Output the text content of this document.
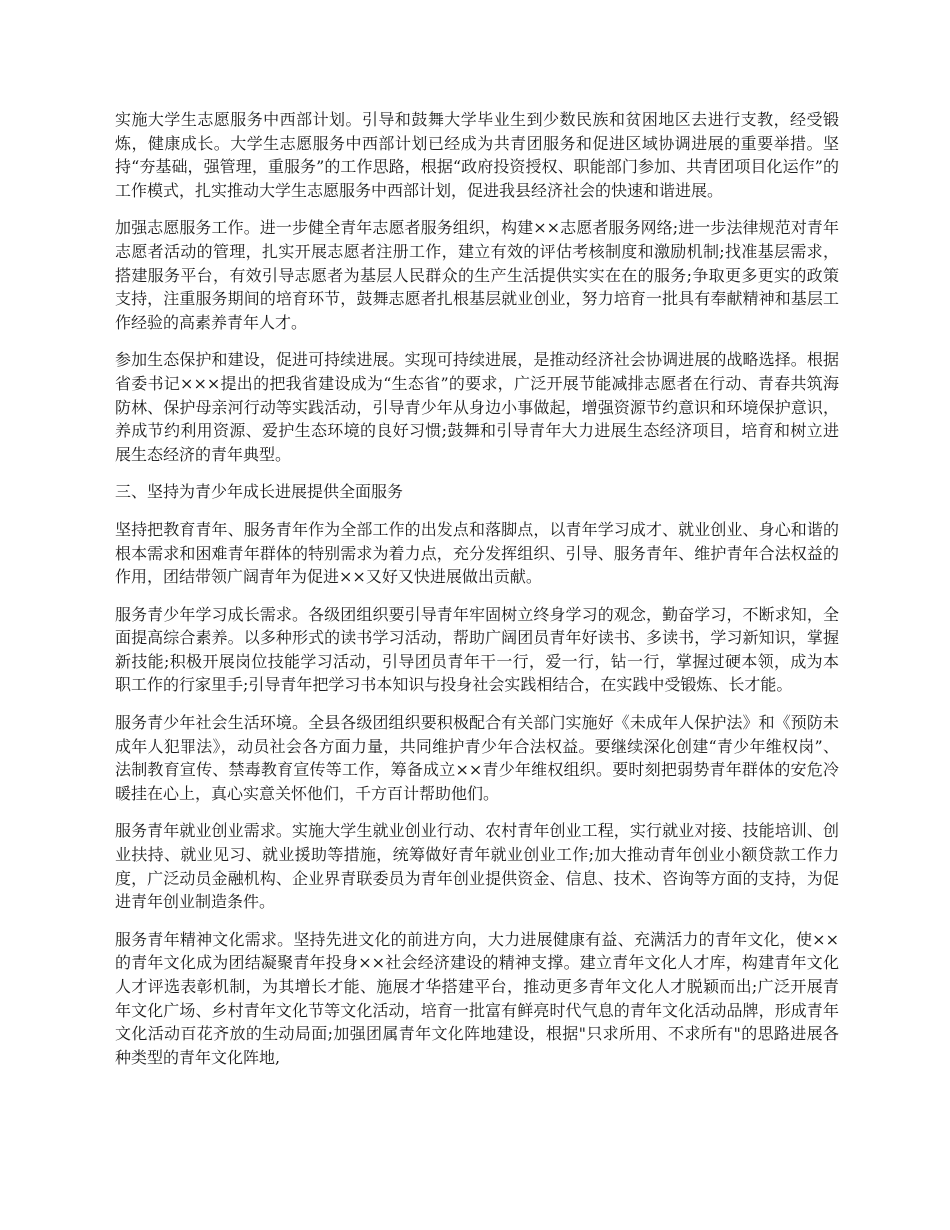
实施大学生志愿服务中西部计划。引导和鼓舞大学毕业生到少数民族和贫困地区去进行支教，经受锻炼，健康成长。大学生志愿服务中西部计划已经成为共青团服务和促进区域协调进展的重要举措。坚持“夯基础，强管理，重服务”的工作思路，根据“政府投资授权、职能部门参加、共青团项目化运作”的工作模式，扎实推动大学生志愿服务中西部计划，促进我县经济社会的快速和谐进展。

加强志愿服务工作。进一步健全青年志愿者服务组织，构建××志愿者服务网络;进一步法律规范对青年志愿者活动的管理，扎实开展志愿者注册工作，建立有效的评估考核制度和激励机制;找准基层需求，搭建服务平台，有效引导志愿者为基层人民群众的生产生活提供实实在在的服务;争取更多更实的政策支持，注重服务期间的培育环节，鼓舞志愿者扎根基层就业创业，努力培育一批具有奉献精神和基层工作经验的高素养青年人才。

参加生态保护和建设，促进可持续进展。实现可持续进展，是推动经济社会协调进展的战略选择。根据省委书记×××提出的把我省建设成为“生态省”的要求，广泛开展节能减排志愿者在行动、青春共筑海防林、保护母亲河行动等实践活动，引导青少年从身边小事做起，增强资源节约意识和环境保护意识，养成节约利用资源、爱护生态环境的良好习惯;鼓舞和引导青年大力进展生态经济项目，培育和树立进展生态经济的青年典型。

三、坚持为青少年成长进展提供全面服务

坚持把教育青年、服务青年作为全部工作的出发点和落脚点，以青年学习成才、就业创业、身心和谐的根本需求和困难青年群体的特别需求为着力点，充分发挥组织、引导、服务青年、维护青年合法权益的作用，团结带领广阔青年为促进××又好又快进展做出贡献。

服务青少年学习成长需求。各级团组织要引导青年牢固树立终身学习的观念，勤奋学习，不断求知，全面提高综合素养。以多种形式的读书学习活动，帮助广阔团员青年好读书、多读书，学习新知识，掌握新技能;积极开展岗位技能学习活动，引导团员青年干一行，爱一行，钻一行，掌握过硬本领，成为本职工作的行家里手;引导青年把学习书本知识与投身社会实践相结合，在实践中受锻炼、长才能。

服务青少年社会生活环境。全县各级团组织要积极配合有关部门实施好《未成年人保护法》和《预防未成年人犯罪法》，动员社会各方面力量，共同维护青少年合法权益。要继续深化创建“青少年维权岗”、法制教育宣传、禁毒教育宣传等工作，筹备成立××青少年维权组织。要时刻把弱势青年群体的安危冷暖挂在心上，真心实意关怀他们，千方百计帮助他们。

服务青年就业创业需求。实施大学生就业创业行动、农村青年创业工程，实行就业对接、技能培训、创业扶持、就业见习、就业援助等措施，统筹做好青年就业创业工作;加大推动青年创业小额贷款工作力度，广泛动员金融机构、企业界青联委员为青年创业提供资金、信息、技术、咨询等方面的支持，为促进青年创业制造条件。

服务青年精神文化需求。坚持先进文化的前进方向，大力进展健康有益、充满活力的青年文化，使××的青年文化成为团结凝聚青年投身××社会经济建设的精神支撑。建立青年文化人才库，构建青年文化人才评选表彰机制，为其增长才能、施展才华搭建平台，推动更多青年文化人才脱颖而出;广泛开展青年文化广场、乡村青年文化节等文化活动，培育一批富有鲜亮时代气息的青年文化活动品牌，形成青年文化活动百花齐放的生动局面;加强团属青年文化阵地建设，根据"只求所用、不求所有"的思路进展各种类型的青年文化阵地,
